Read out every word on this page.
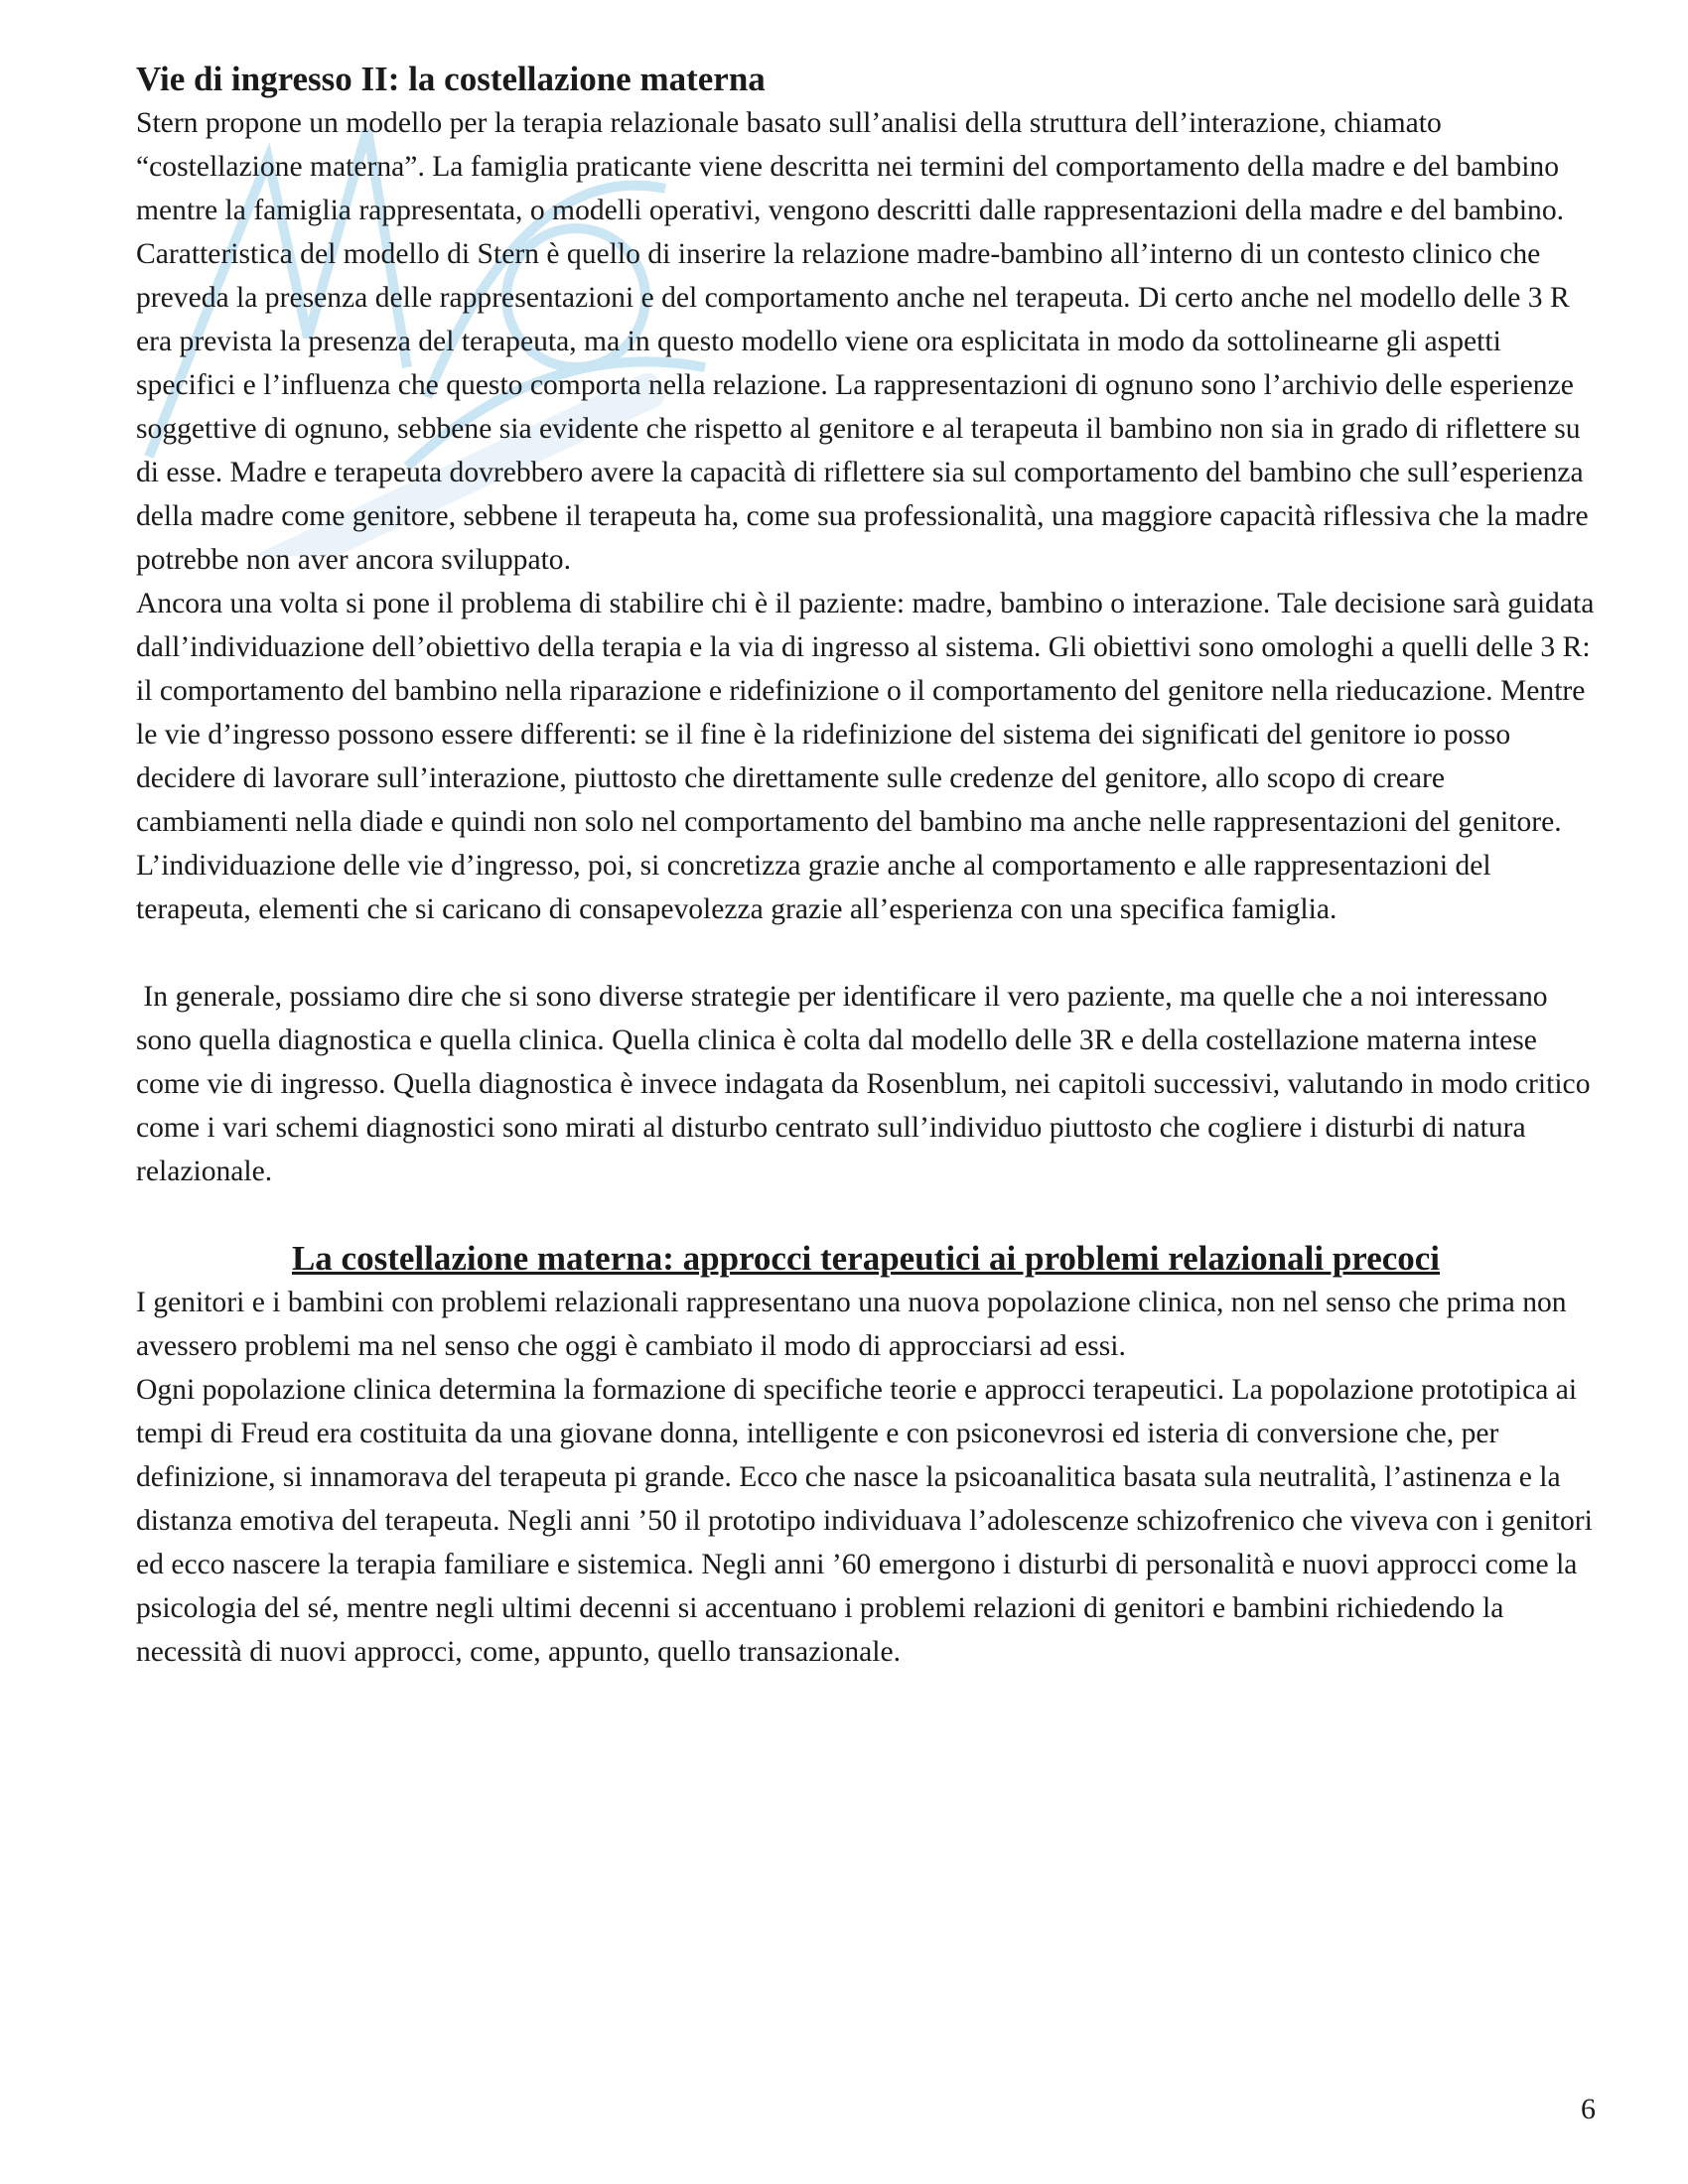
Vie di ingresso II: la costellazione materna

Stern propone un modello per la terapia relazionale basato sull’analisi della struttura dell’interazione, chiamato “costellazione materna”. La famiglia praticante viene descritta nei termini del comportamento della madre e del bambino mentre la famiglia rappresentata, o modelli operativi, vengono descritti dalle rappresentazioni della madre e del bambino. Caratteristica del modello di Stern è quello di inserire la relazione madre-bambino all’interno di un contesto clinico che preveda la presenza delle rappresentazioni e del comportamento anche nel terapeuta. Di certo anche nel modello delle 3 R era prevista la presenza del terapeuta, ma in questo modello viene ora esplicitata in modo da sottolinearne gli aspetti specifici e l’influenza che questo comporta nella relazione. La rappresentazioni di ognuno sono l’archivio delle esperienze soggettive di ognuno, sebbene sia evidente che rispetto al genitore e al terapeuta il bambino non sia in grado di riflettere su di esse. Madre e terapeuta dovrebbero avere la capacità di riflettere sia sul comportamento del bambino che sull’esperienza della madre come genitore, sebbene il terapeuta ha, come sua professionalità, una maggiore capacità riflessiva che la madre potrebbe non aver ancora sviluppato.

Ancora una volta si pone il problema di stabilire chi è il paziente: madre, bambino o interazione. Tale decisione sarà guidata dall’individuazione dell’obiettivo della terapia e la via di ingresso al sistema. Gli obiettivi sono omologhi a quelli delle 3 R: il comportamento del bambino nella riparazione e ridefinizione o il comportamento del genitore nella rieducazione. Mentre le vie d’ingresso possono essere differenti: se il fine è la ridefinizione del sistema dei significati del genitore io posso decidere di lavorare sull’interazione, piuttosto che direttamente sulle credenze del genitore, allo scopo di creare cambiamenti nella diade e quindi non solo nel comportamento del bambino ma anche nelle rappresentazioni del genitore.

L’individuazione delle vie d’ingresso, poi, si concretizza grazie anche al comportamento e alle rappresentazioni del terapeuta, elementi che si caricano di consapevolezza grazie all’esperienza con una specifica famiglia.

In generale, possiamo dire che si sono diverse strategie per identificare il vero paziente, ma quelle che a noi interessano sono quella diagnostica e quella clinica. Quella clinica è colta dal modello delle 3R e della costellazione materna intese come vie di ingresso. Quella diagnostica è invece indagata da Rosenblum, nei capitoli successivi, valutando in modo critico come i vari schemi diagnostici sono mirati al disturbo centrato sull’individuo piuttosto che cogliere i disturbi di natura relazionale.

La costellazione materna: approcci terapeutici ai problemi relazionali precoci

I genitori e i bambini con problemi relazionali rappresentano una nuova popolazione clinica, non nel senso che prima non avessero problemi ma nel senso che oggi è cambiato il modo di approcciarsi ad essi.

Ogni popolazione clinica determina la formazione di specifiche teorie e approcci terapeutici. La popolazione prototipica ai tempi di Freud era costituita da una giovane donna, intelligente e con psiconevrosi ed isteria di conversione che, per definizione, si innamorava del terapeuta pi grande. Ecco che nasce la psicoanalitica basata sula neutralità, l’astinenza e la distanza emotiva del terapeuta. Negli anni ’50 il prototipo individuava l’adolescenze schizofrenico che viveva con i genitori ed ecco nascere la terapia familiare e sistemica. Negli anni ’60 emergono i disturbi di personalità e nuovi approcci come la psicologia del sé, mentre negli ultimi decenni si accentuano i problemi relazioni di genitori e bambini richiedendo la necessità di nuovi approcci, come, appunto, quello transazionale.

6
